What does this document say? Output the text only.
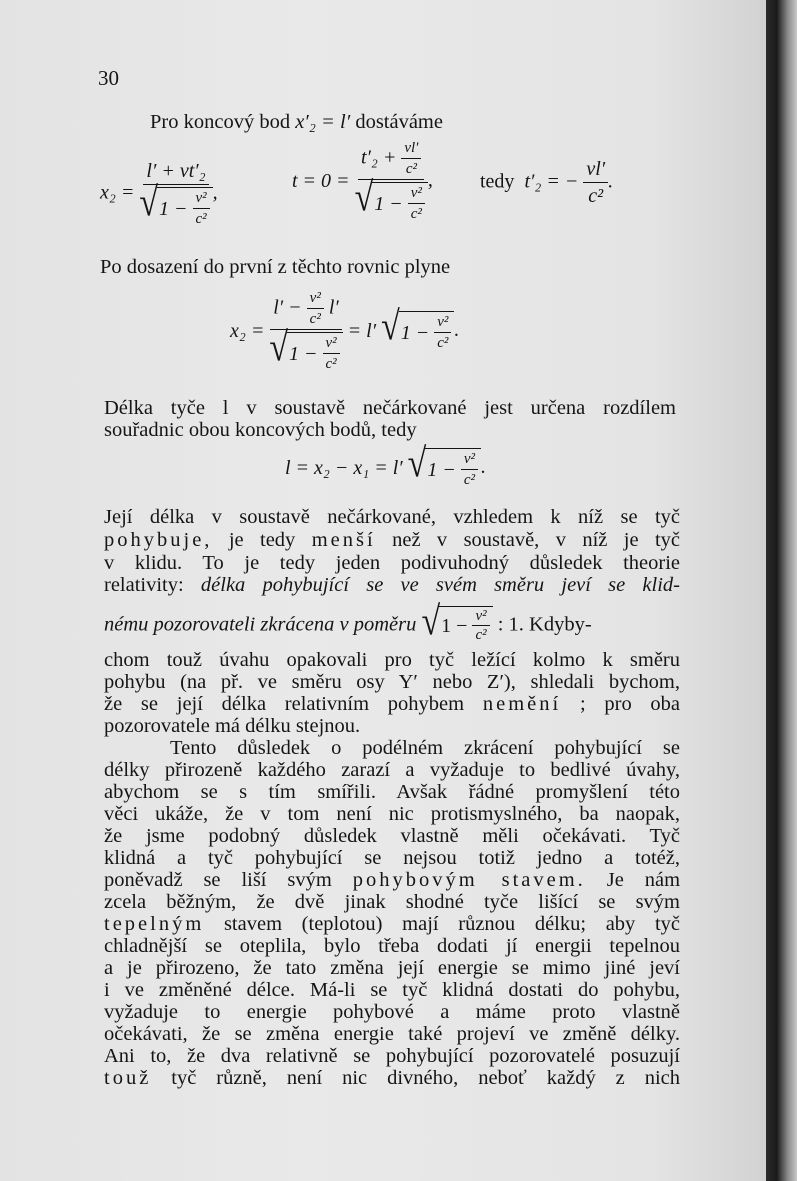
30
Pro koncový bod x′₂ = l′ dostáváme
x₂ = l′ + vt′₂
√ 1 −
$\frac{\text{v²}}{\text{c²}}$ ,
$t = 0 = t'_2 + \frac{vl'}{\text{c²}}$
√ 1 −
$\frac{\text{v²}}{\text{c²}}$ , tedy t′₂ = − $\frac{vl'}{\text{c²}}$ .
Po dosazení do první z těchto rovnic plyne
$x_2 = l' - \frac{\text{v²}}{\text{c²}} l'$
√ 1 −
$\frac{\text{v²}}{\text{c²}} = l'$ √ 1 −
$\frac{\text{v²}}{\text{c²}}$ .
Délka tyče l v soustavě nečárkované jest určena rozdílem
souřadnic obou koncových bodů, tedy
l = x₂ − x₁ = l′ √ 1 −
$\frac{\text{v²}}{\text{c²}}$ .
Její délka v soustavě nečárkované, vzhledem k níž se tyč
pohybuje, je tedy menší než v soustavě, v níž je tyč
v klidu. To je tedy jeden podivuhodný důsledek theorie
relativity: délka pohybující se ve svém směru jeví se klid-
nému pozorovateli zkrácena v poměru √ 1 −
$\frac{\text{v²}}{\text{c²}}$ : 1. Kdyby-
chom touž úvahu opakovali pro tyč ležící kolmo k směru
pohybu (na př. ve směru osy Y′ nebo Z′), shledali bychom,
že se její délka relativním pohybem nemění ; pro oba
pozorovatele má délku stejnou.
Tento důsledek o podélném zkrácení pohybující se
délky přirozeně každého zarazí a vyžaduje to bedlivé úvahy,
abychom se s tím smířili. Avšak řádné promyšlení této
věci ukáže, že v tom není nic protismyslného, ba naopak,
že jsme podobný důsledek vlastně měli očekávati. Tyč
klidná a tyč pohybující se nejsou totiž jedno a totéž,
poněvadž se liší svým pohybovým stavem. Je nám
zcela běžným, že dvě jinak shodné tyče lišící se svým
tepelným stavem (teplotou) mají různou délku; aby tyč
chladnější se oteplila, bylo třeba dodati jí energii tepelnou
a je přirozeno, že tato změna její energie se mimo jiné jeví
i ve změněné délce. Má-li se tyč klidná dostati do pohybu,
vyžaduje to energie pohybové a máme proto vlastně
očekávati, že se změna energie také projeví ve změně délky.
Ani to, že dva relativně se pohybující pozorovatelé posuzují
touž tyč různě, není nic divného, neboť každý z nich
